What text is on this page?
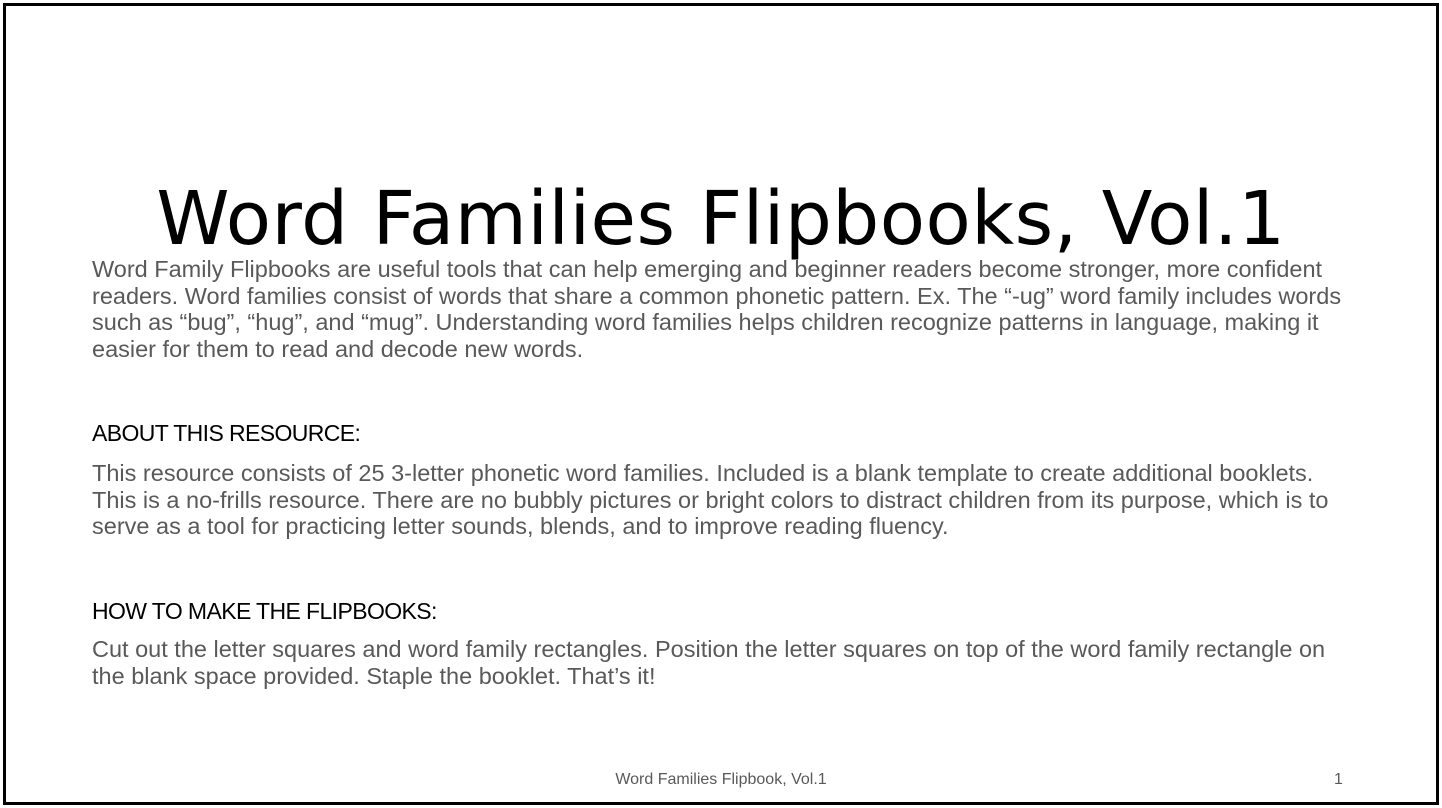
Word Families Flipbooks, Vol.1

Word Family Flipbooks are useful tools that can help emerging and beginner readers become stronger, more confident readers. Word families consist of words that share a common phonetic pattern. Ex. The “-ug” word family includes words such as “bug”, “hug”, and “mug”. Understanding word families helps children recognize patterns in language, making it easier for them to read and decode new words.

ABOUT THIS RESOURCE:

This resource consists of 25 3-letter phonetic word families. Included is a blank template to create additional booklets. This is a no-frills resource. There are no bubbly pictures or bright colors to distract children from its purpose, which is to serve as a tool for practicing letter sounds, blends, and to improve reading fluency.

HOW TO MAKE THE FLIPBOOKS:

Cut out the letter squares and word family rectangles. Position the letter squares on top of the word family rectangle on the blank space provided. Staple the booklet. That’s it!

Word Families Flipbook, Vol.1	1
